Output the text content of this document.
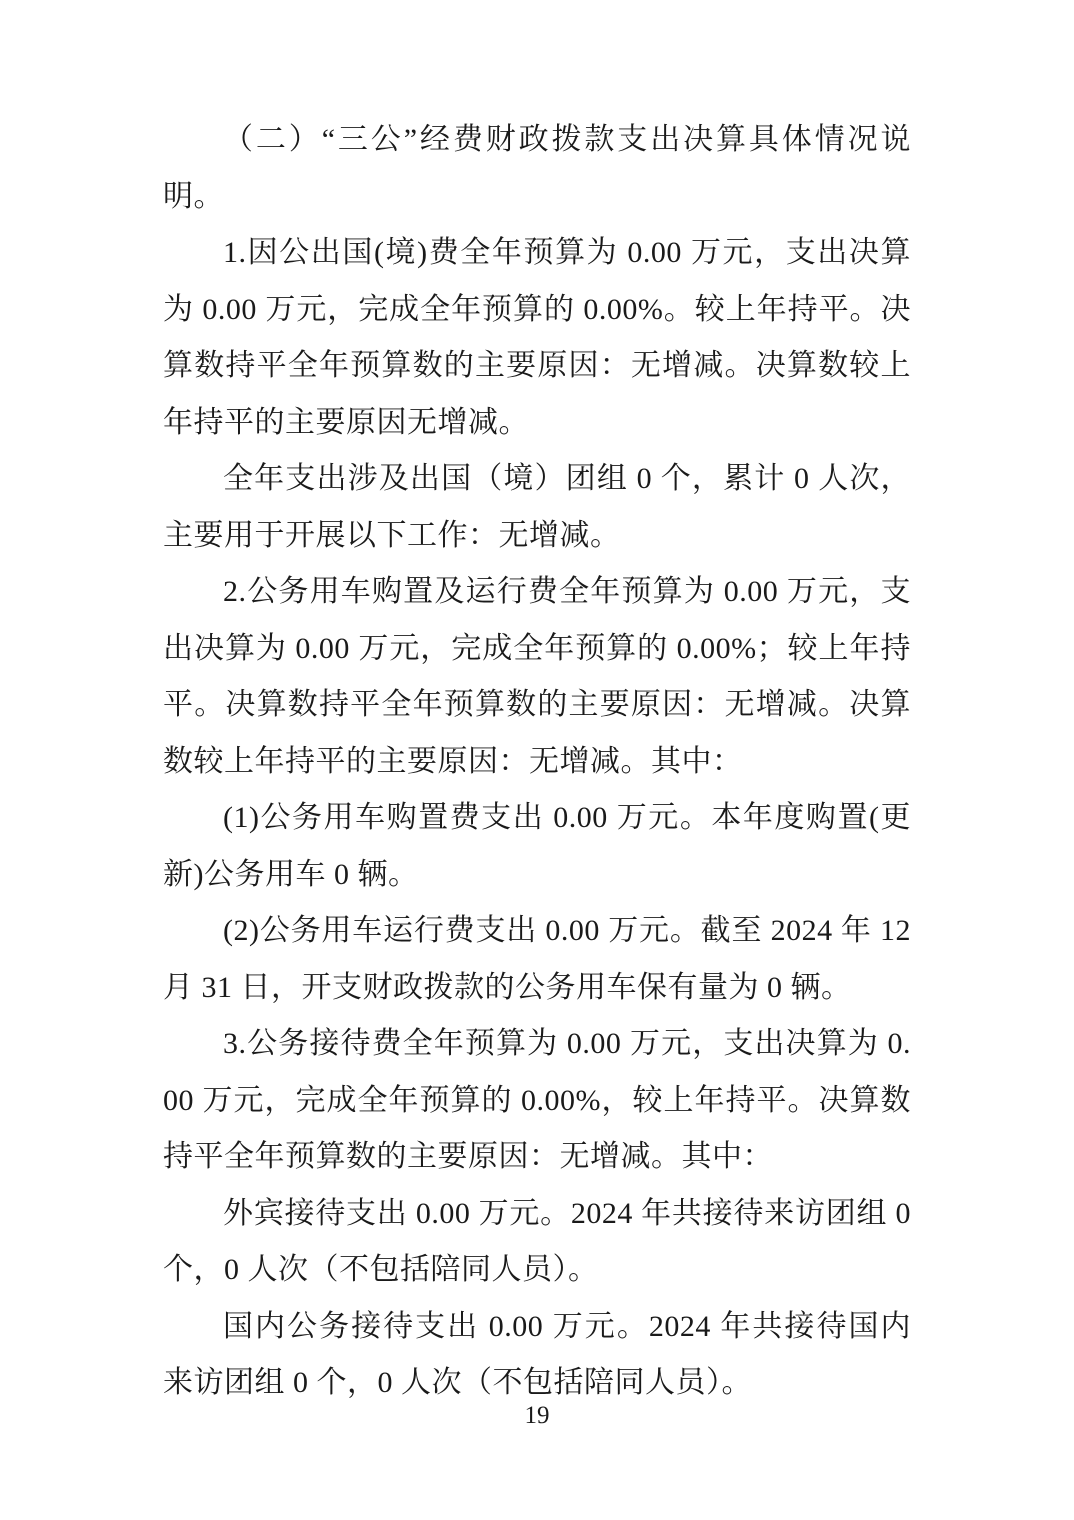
（二）“三公”经费财政拨款支出决算具体情况说明。

1.因公出国(境)费全年预算为 0.00 万元，支出决算为 0.00 万元，完成全年预算的 0.00%。较上年持平。决算数持平全年预算数的主要原因：无增减。决算数较上年持平的主要原因无增减。

全年支出涉及出国（境）团组 0 个，累计 0 人次，主要用于开展以下工作：无增减。

2.公务用车购置及运行费全年预算为 0.00 万元，支出决算为 0.00 万元，完成全年预算的 0.00%；较上年持平。决算数持平全年预算数的主要原因：无增减。决算数较上年持平的主要原因：无增减。其中：

(1)公务用车购置费支出 0.00 万元。本年度购置(更新)公务用车 0 辆。

(2)公务用车运行费支出 0.00 万元。截至 2024 年 12 月 31 日，开支财政拨款的公务用车保有量为 0 辆。

3.公务接待费全年预算为 0.00 万元，支出决算为 0.00 万元，完成全年预算的 0.00%，较上年持平。决算数持平全年预算数的主要原因：无增减。其中：

外宾接待支出 0.00 万元。2024 年共接待来访团组 0 个，0 人次（不包括陪同人员）。

国内公务接待支出 0.00 万元。2024 年共接待国内来访团组 0 个，0 人次（不包括陪同人员）。

19
